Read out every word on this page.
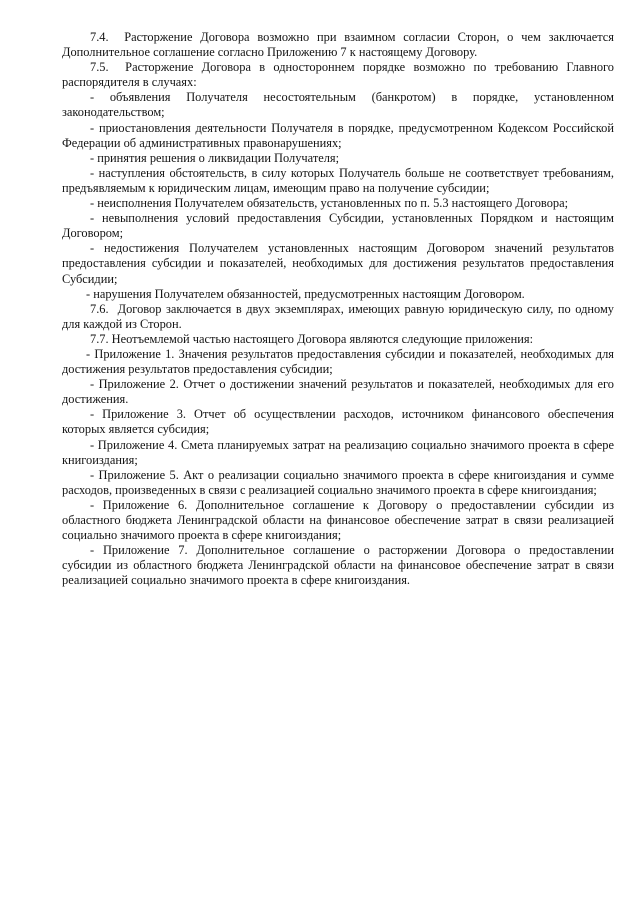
7.4.  Расторжение Договора возможно при взаимном согласии Сторон, о чем заключается Дополнительное соглашение согласно Приложению 7 к настоящему Договору.

7.5.  Расторжение Договора в одностороннем порядке возможно по требованию Главного распорядителя в случаях:

- объявления Получателя несостоятельным (банкротом) в порядке, установленном законодательством;

- приостановления деятельности Получателя в порядке, предусмотренном Кодексом Российской Федерации об административных правонарушениях;

- принятия решения о ликвидации Получателя;

- наступления обстоятельств, в силу которых Получатель больше не соответствует требованиям, предъявляемым к юридическим лицам, имеющим право на получение субсидии;

- неисполнения Получателем обязательств, установленных по п. 5.3 настоящего Договора;

- невыполнения условий предоставления Субсидии, установленных Порядком и настоящим Договором;

- недостижения Получателем установленных настоящим Договором значений результатов предоставления субсидии и показателей, необходимых для достижения результатов предоставления Субсидии;

- нарушения Получателем обязанностей, предусмотренных настоящим Договором.

7.6.  Договор заключается в двух экземплярах, имеющих равную юридическую силу, по одному для каждой из Сторон.

7.7. Неотъемлемой частью настоящего Договора являются следующие приложения:

- Приложение 1. Значения результатов предоставления субсидии и показателей, необходимых для достижения результатов предоставления субсидии;

- Приложение 2. Отчет о достижении значений результатов и показателей, необходимых для его достижения.

- Приложение 3. Отчет об осуществлении расходов, источником финансового обеспечения которых является субсидия;

- Приложение 4. Смета планируемых затрат на реализацию социально значимого проекта в сфере книгоиздания;

- Приложение 5. Акт о реализации социально значимого проекта в сфере книгоиздания и сумме расходов, произведенных в связи с реализацией социально значимого проекта в сфере книгоиздания;

- Приложение 6. Дополнительное соглашение к Договору о предоставлении субсидии из областного бюджета Ленинградской области на финансовое обеспечение затрат в связи реализацией социально значимого проекта в сфере книгоиздания;

- Приложение 7. Дополнительное соглашение о расторжении Договора о предоставлении субсидии из областного бюджета Ленинградской области на финансовое обеспечение затрат в связи реализацией социально значимого проекта в сфере книгоиздания.
